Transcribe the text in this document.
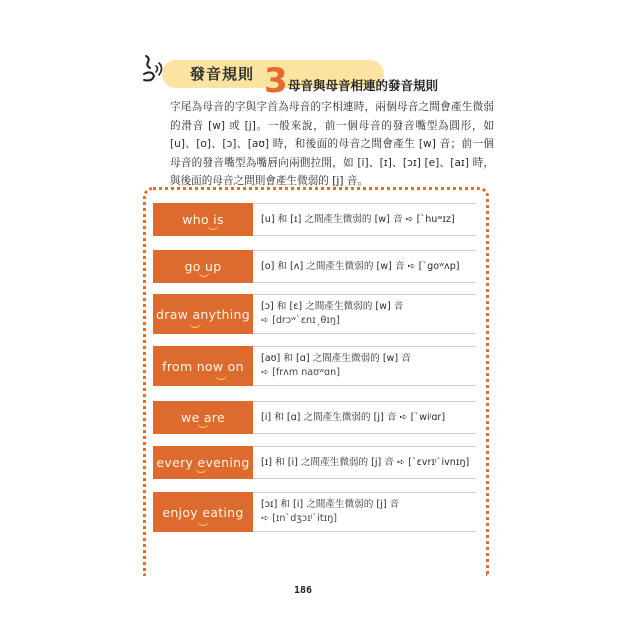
發音規則 3 母音與母音相連的發音規則

字尾為母音的字與字首為母音的字相連時，兩個母音之間會產生微弱的滑音 [w] 或 [j]。一般來說，前一個母音的發音嘴型為圓形，如 [u]、[o]、[ɔ]、[aʊ] 時，和後面的母音之間會產生 [w] 音；前一個母音的發音嘴型為嘴唇向兩側拉開，如 [i]、[ɪ]、[ɔɪ] [e]、[aɪ] 時，與後面的母音之間則會產生微弱的 [j] 音。

who is	[u] 和 [ɪ] 之間產生微弱的 [w] 音 ➪ [ˋhuʷɪz]
go up	[o] 和 [ʌ] 之間產生微弱的 [w] 音 ➪ [ˋgoʷʌp]
draw anything [ɔ] 和 [ɛ] 之間產生微弱的 [w] 音
➪ [drɔʷˋɛnɪˏθɪŋ]
from now on [aʊ] 和 [ɑ] 之間產生微弱的 [w] 音
➪ [frʌm naʊʷɑn]
we are	[i] 和 [ɑ] 之間產生微弱的 [j] 音 ➪ [ˋwiʲɑr]
every evening [ɪ] 和 [i] 之間產生微弱的 [j] 音 ➪ [ˋɛvrɪʲˋivnɪŋ]
enjoy eating [ɔɪ] 和 [i] 之間產生微弱的 [j] 音
➪ [ɪnˋdʒɔɪʲˋitɪŋ]
186
